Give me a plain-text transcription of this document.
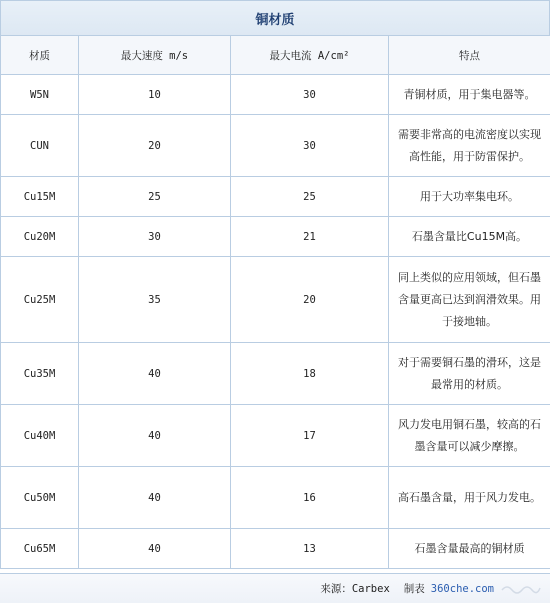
铜材质
材质	最大速度 m/s	最大电流 A/cm²	特点
W5N	10	30	青铜材质，用于集电器等。
CUN	20	30	需要非常高的电流密度以实现高性能，用于防雷保护。
Cu15M	25	25	用于大功率集电环。
Cu20M	30	21	石墨含量比Cu15M高。
Cu25M	35	20	同上类似的应用领域，但石墨含量更高已达到润滑效果。用于接地轴。
Cu35M	40	18	对于需要铜石墨的滑环，这是最常用的材质。
Cu40M	40	17	风力发电用铜石墨，较高的石墨含量可以减少摩擦。
Cu50M	40	16	高石墨含量，用于风力发电。
Cu65M	40	13	石墨含量最高的铜材质
来源：Carbex 制表 360che.com
